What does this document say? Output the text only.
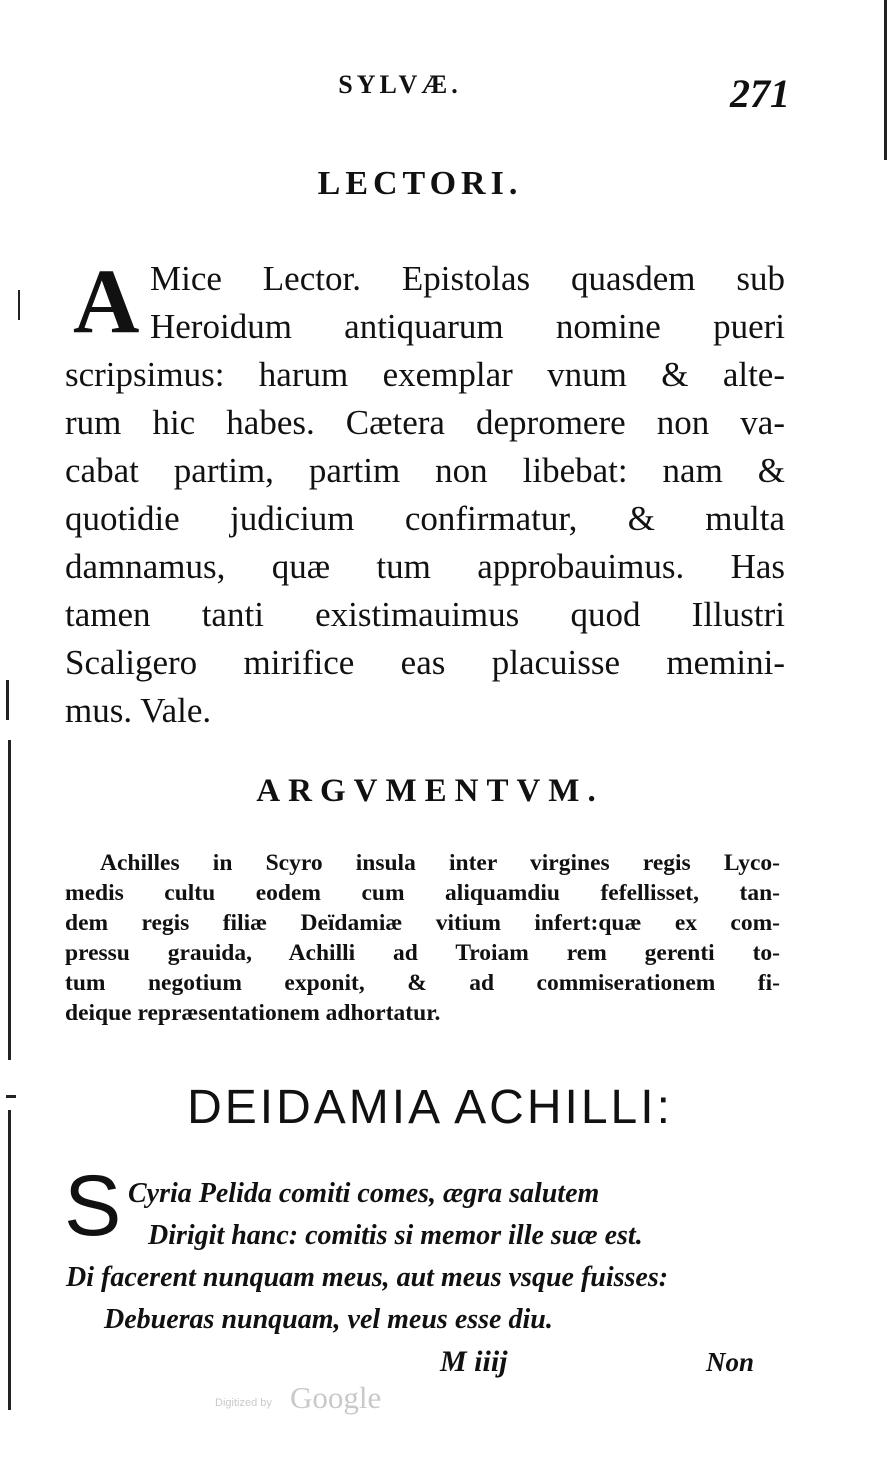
SYLVÆ.	271
LECTORI.
A Mice Lector. Epistolas quasdem sub
Heroidum antiquarum nomine pueri
scripsimus: harum exemplar vnum & alte-
rum hic habes. Cætera depromere non va-
cabat partim, partim non libebat: nam &
quotidie judicium confirmatur, & multa
damnamus, quæ tum approbauimus. Has
tamen tanti existimauimus quod Illustri
Scaligero mirifice eas placuisse memini-
mus. Vale.
ARGVMENTVM.
Achilles in Scyro insula inter virgines regis Lyco-
medis cultu eodem cum aliquamdiu fefellisset, tan-
dem regis filiæ Deïdamiæ vitium infert:quæ ex com-
pressu grauida, Achilli ad Troiam rem gerenti to-
tum negotium exponit, & ad commiserationem fi-
deique repræsentationem adhortatur.
DEIDAMIA ACHILLI:
S Cyria Pelida comiti comes, ægra salutem
Dirigit hanc: comitis si memor ille suæ est.
Di facerent nunquam meus, aut meus vsque fuisses:
Debueras nunquam, vel meus esse diu.
M iiij	Non
Digitized by Google
